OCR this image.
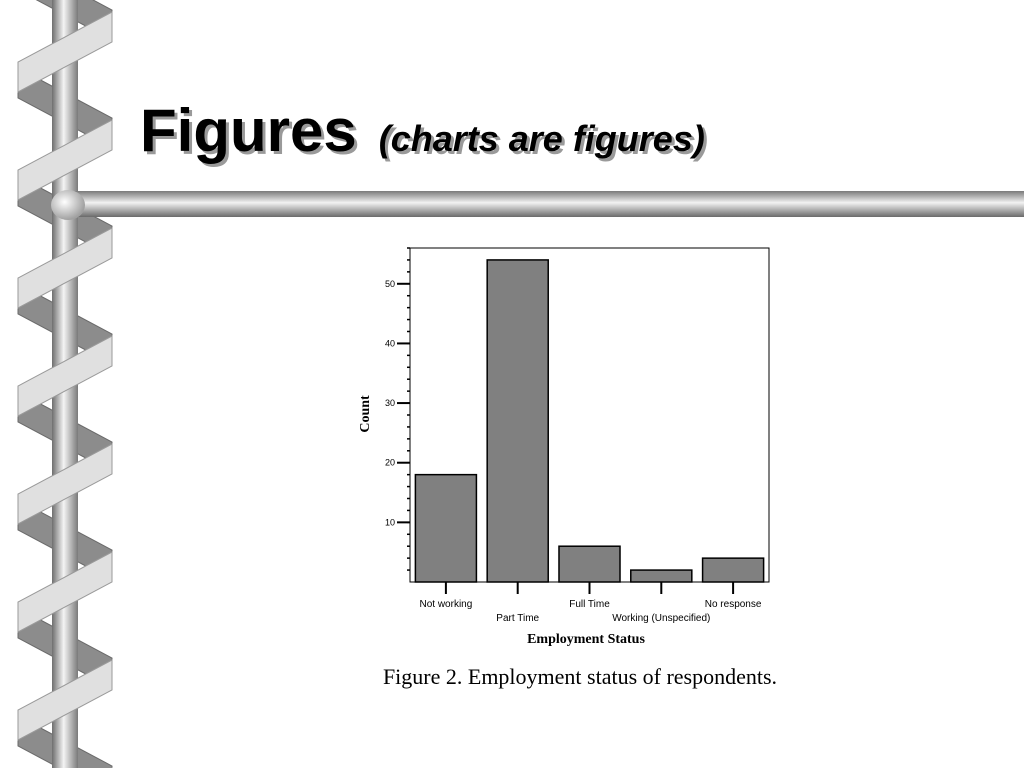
Figures (charts are figures)
10
20
30
40
50
Not working
Part Time
Full Time
Working (Unspecified)
No response
Count
Employment Status
Figure 2. Employment status of respondents.
